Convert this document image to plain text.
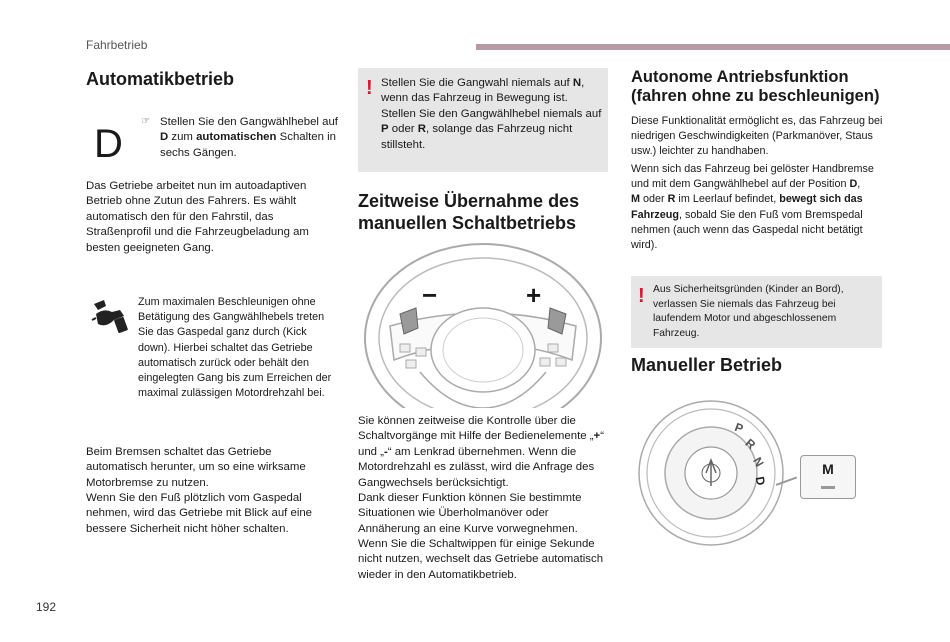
Fahrbetrieb
Automatikbetrieb
D
☞ Stellen Sie den Gangwählhebel auf D zum automatischen Schalten in sechs Gängen.

Das Getriebe arbeitet nun im autoadaptiven Betrieb ohne Zutun des Fahrers. Es wählt automatisch den für den Fahrstil, das Straßenprofil und die Fahrzeugbeladung am besten geeigneten Gang.

Zum maximalen Beschleunigen ohne Betätigung des Gangwählhebels treten Sie das Gaspedal ganz durch (Kick down). Hierbei schaltet das Getriebe automatisch zurück oder behält den eingelegten Gang bis zum Erreichen der maximal zulässigen Motordrehzahl bei.

Beim Bremsen schaltet das Getriebe automatisch herunter, um so eine wirksame Motorbremse zu nutzen.

Wenn Sie den Fuß plötzlich vom Gaspedal nehmen, wird das Getriebe mit Blick auf eine bessere Sicherheit nicht höher schalten.

! Stellen Sie die Gangwahl niemals auf N, wenn das Fahrzeug in Bewegung ist. Stellen Sie den Gangwählhebel niemals auf P oder R, solange das Fahrzeug nicht stillsteht.

Zeitweise Übernahme des
manuellen Schaltbetriebs
−	+

Sie können zeitweise die Kontrolle über die Schaltvorgänge mit Hilfe der Bedienelemente „+“ und „-“ am Lenkrad übernehmen. Wenn die Motordrehzahl es zulässt, wird die Anfrage des Gangwechsels berücksichtigt.

Dank dieser Funktion können Sie bestimmte Situationen wie Überholmanöver oder Annäherung an eine Kurve vorwegnehmen.

Wenn Sie die Schaltwippen für einige Sekunde nicht nutzen, wechselt das Getriebe automatisch wieder in den Automatikbetrieb.

Autonome Antriebsfunktion
(fahren ohne zu beschleunigen)

Diese Funktionalität ermöglicht es, das Fahrzeug bei niedrigen Geschwindigkeiten (Parkmanöver, Staus usw.) leichter zu handhaben.

Wenn sich das Fahrzeug bei gelöster Handbremse und mit dem Gangwählhebel auf der Position D,
M oder R im Leerlauf befindet, bewegt sich das Fahrzeug, sobald Sie den Fuß vom Bremspedal nehmen (auch wenn das Gaspedal nicht betätigt wird).

! Aus Sicherheitsgründen (Kinder an Bord), verlassen Sie niemals das Fahrzeug bei laufendem Motor und abgeschlossenem Fahrzeug.

Manueller Betrieb
P
R
N
D
M
192
